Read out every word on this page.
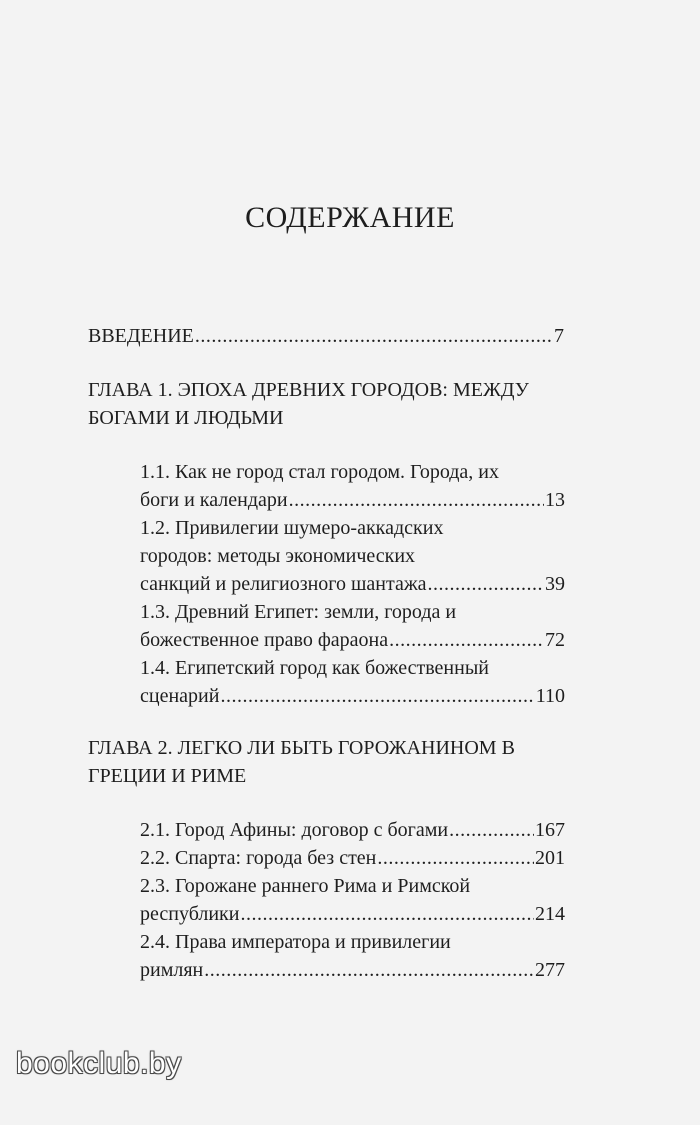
СОДЕРЖАНИЕ
ВВЕДЕНИЕ .....	7
ГЛАВА 1. ЭПОХА ДРЕВНИХ ГОРОДОВ: МЕЖДУ
БОГАМИ И ЛЮДЬМИ
1.1. Как не город стал городом. Города, их
боги и календари .....	13
1.2. Привилегии шумеро-аккадских
городов: методы экономических
санкций и религиозного шантажа .....	39
1.3. Древний Египет: земли, города и
божественное право фараона .....	72
1.4. Египетский город как божественный
сценарий .....	110
ГЛАВА 2. ЛЕГКО ЛИ БЫТЬ ГОРОЖАНИНОМ В
ГРЕЦИИ И РИМЕ
2.1. Город Афины: договор с богами .....	167
2.2. Спарта: города без стен .....	201
2.3. Горожане раннего Рима и Римской
республики .....	214
2.4. Права императора и привилегии
римлян .....	277
bookclub.by
